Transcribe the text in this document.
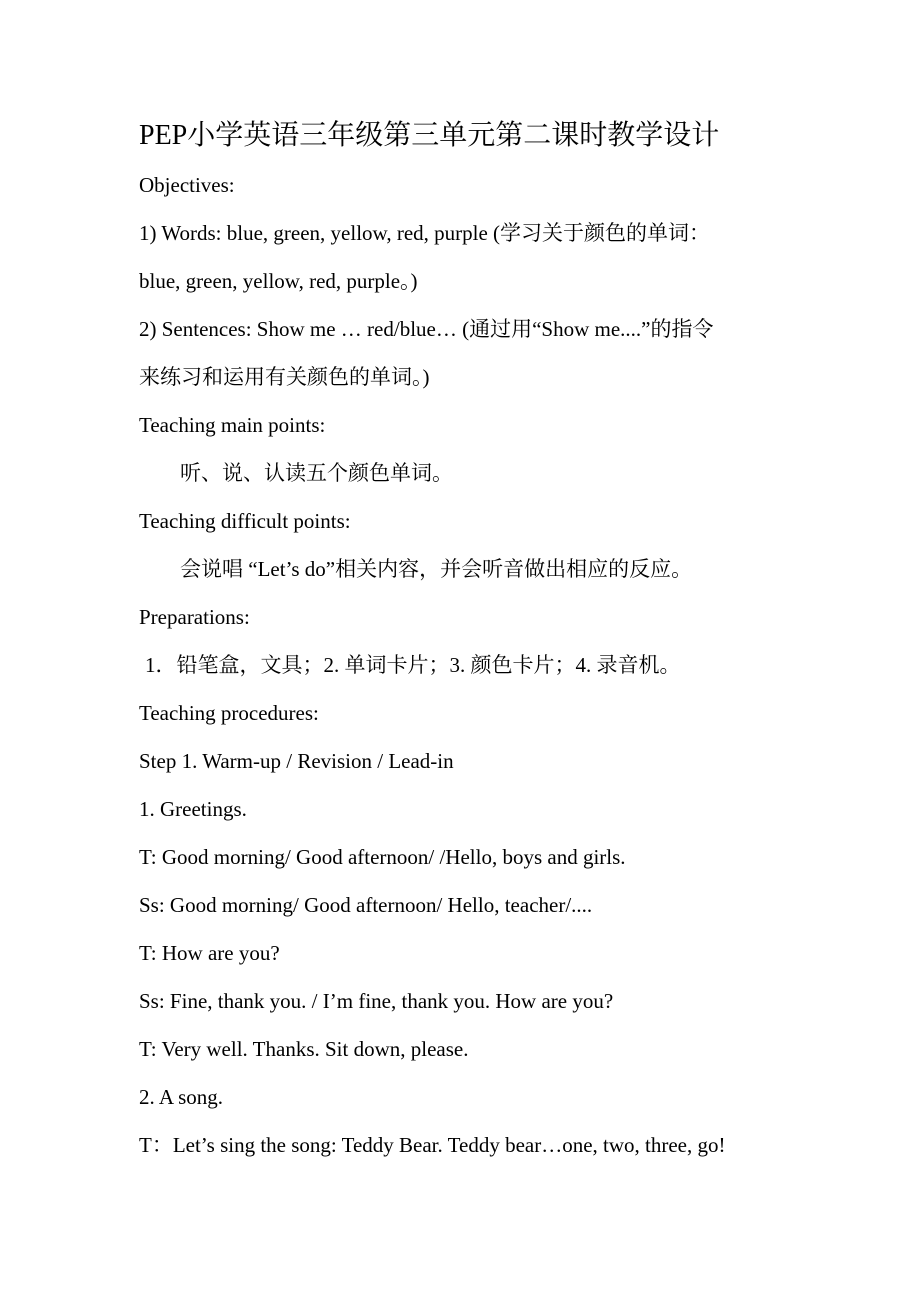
PEP小学英语三年级第三单元第二课时教学设计
Objectives:
1) Words: blue, green, yellow, red, purple (学习关于颜色的单词：
blue, green, yellow, red, purple。)
2) Sentences: Show me … red/blue… (通过用“Show me....”的指令
来练习和运用有关颜色的单词。)
Teaching main points:
听、说、认读五个颜色单词。
Teaching difficult points:
会说唱 “Let’s do”相关内容，并会听音做出相应的反应。
Preparations:
1．铅笔盒，文具；2. 单词卡片；3. 颜色卡片；4. 录音机。
Teaching procedures:
Step 1. Warm-up / Revision / Lead-in
1. Greetings.
T: Good morning/ Good afternoon/ /Hello, boys and girls.
Ss: Good morning/ Good afternoon/ Hello, teacher/....
T: How are you?
Ss: Fine, thank you. / I’m fine, thank you. How are you?
T: Very well. Thanks. Sit down, please.
2. A song.
T：Let’s sing the song: Teddy Bear. Teddy bear…one, two, three, go!
